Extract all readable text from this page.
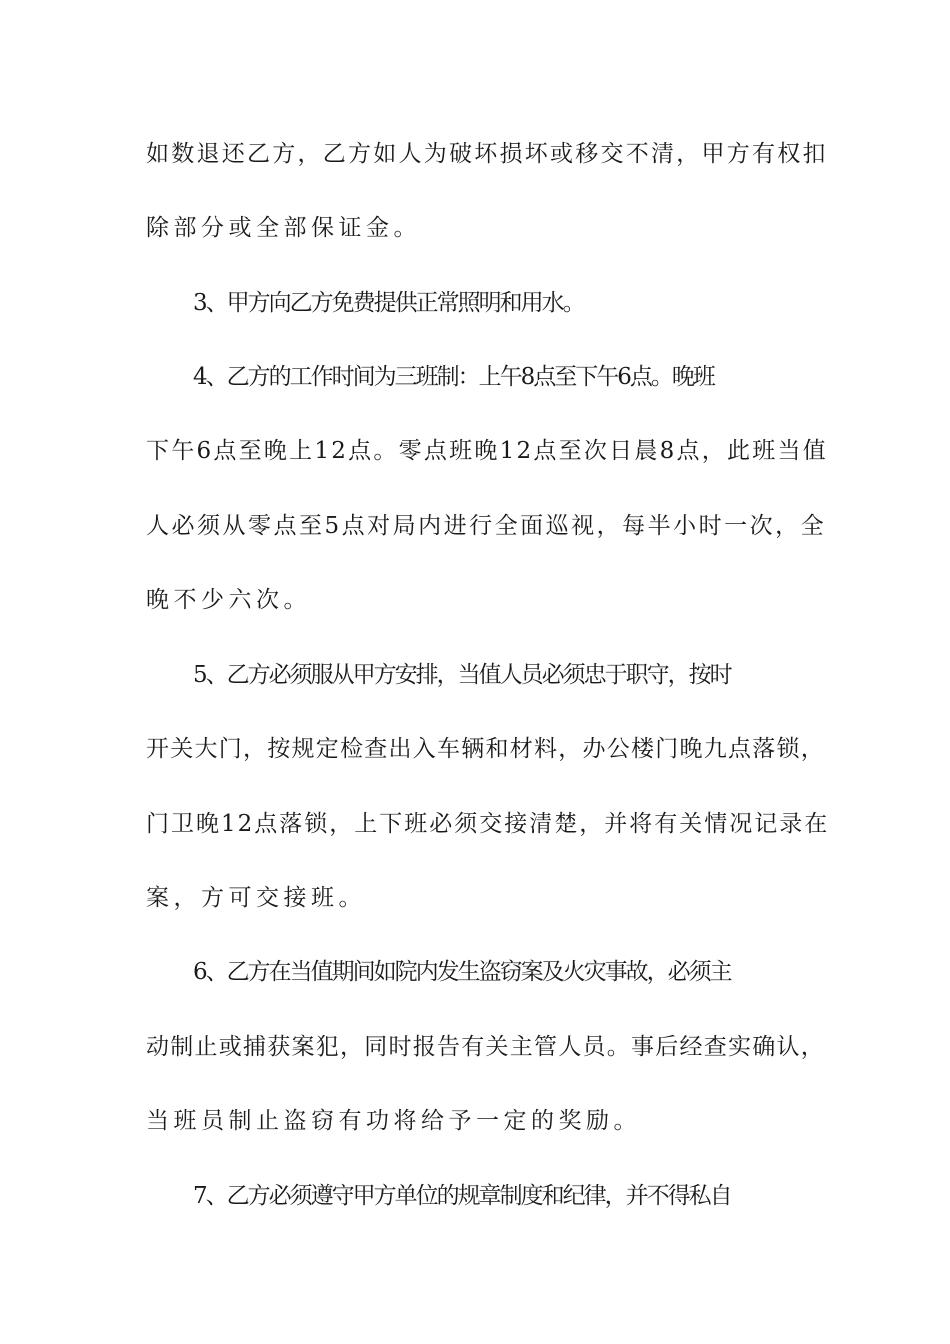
如数退还乙方，乙方如人为破坏损坏或移交不清，甲方有权扣
除部分或全部保证金。
3、甲方向乙方免费提供正常照明和用水。
4、乙方的工作时间为三班制：上午8点至下午6点。晚班
下午6点至晚上12点。零点班晚12点至次日晨8点，此班当值
人必须从零点至5点对局内进行全面巡视，每半小时一次，全
晚不少六次。
5、乙方必须服从甲方安排，当值人员必须忠于职守，按时
开关大门，按规定检查出入车辆和材料，办公楼门晚九点落锁，
门卫晚12点落锁，上下班必须交接清楚，并将有关情况记录在
案，方可交接班。
6、乙方在当值期间如院内发生盗窃案及火灾事故，必须主
动制止或捕获案犯，同时报告有关主管人员。事后经查实确认，
当班员制止盗窃有功将给予一定的奖励。
7、乙方必须遵守甲方单位的规章制度和纪律，并不得私自
